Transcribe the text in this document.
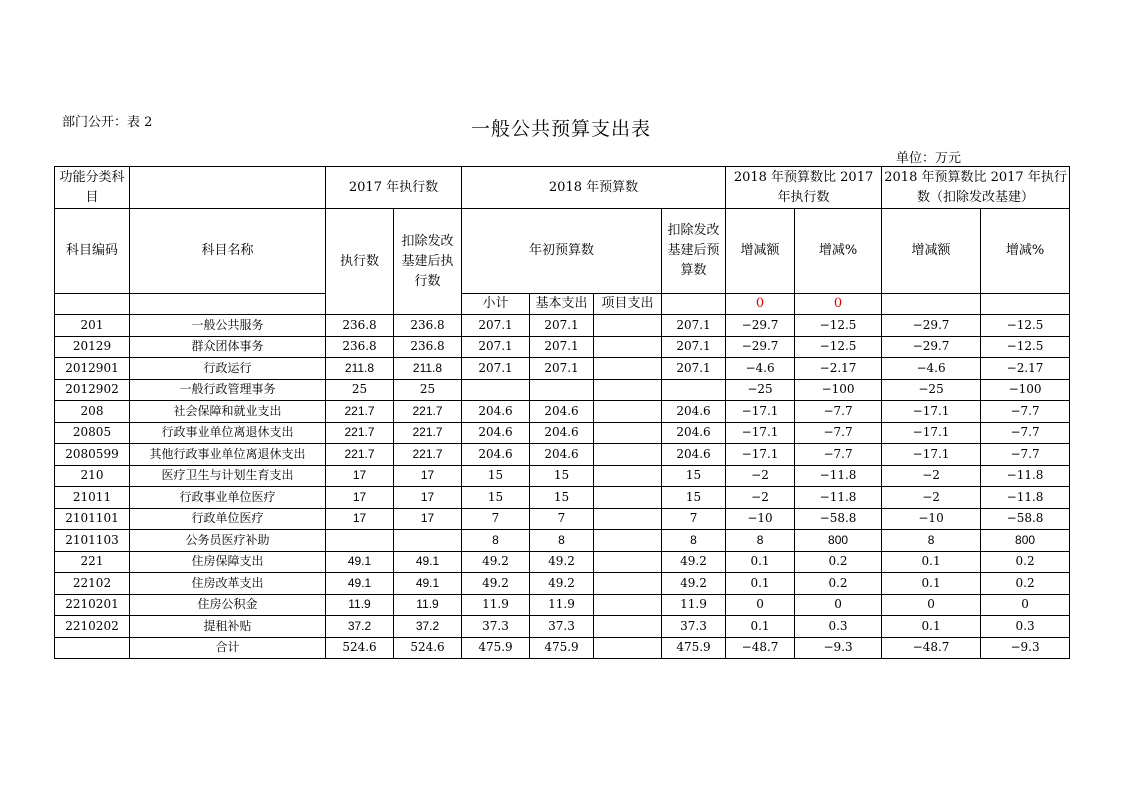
部门公开：表 2	一般公共预算支出表
单位：万元
功能分类科目		2017 年执行数		2018 年预算数				2018 年预算数比 2017 年执行数		2018 年预算数比 2017 年执行数（扣除发改基建）	
科目编码	科目名称	执行数	扣除发改基建后执行数	年初预算数			扣除发改基建后预算数	增减额	增减%	增减额	增减%
				小计	基本支出	项目支出		0	0		
201	一般公共服务	236.8	236.8	207.1	207.1		207.1	−29.7	−12.5	−29.7	−12.5
20129	群众团体事务	236.8	236.8	207.1	207.1		207.1	−29.7	−12.5	−29.7	−12.5
2012901	行政运行	211.8	211.8	207.1	207.1		207.1	−4.6	−2.17	−4.6	−2.17
2012902	一般行政管理事务	25	25					−25	−100	−25	−100
208	社会保障和就业支出	221.7	221.7	204.6	204.6		204.6	−17.1	−7.7	−17.1	−7.7
20805	行政事业单位离退休支出	221.7	221.7	204.6	204.6		204.6	−17.1	−7.7	−17.1	−7.7
2080599	其他行政事业单位离退休支出	221.7	221.7	204.6	204.6		204.6	−17.1	−7.7	−17.1	−7.7
210	医疗卫生与计划生育支出	17	17	15	15		15	−2	−11.8	−2	−11.8
21011	行政事业单位医疗	17	17	15	15		15	−2	−11.8	−2	−11.8
2101101	行政单位医疗	17	17	7	7		7	−10	−58.8	−10	−58.8
2101103	公务员医疗补助			8	8		8	8	800	8	800
221	住房保障支出	49.1	49.1	49.2	49.2		49.2	0.1	0.2	0.1	0.2
22102	住房改革支出	49.1	49.1	49.2	49.2		49.2	0.1	0.2	0.1	0.2
2210201	住房公积金	11.9	11.9	11.9	11.9		11.9	0	0	0	0
2210202	提租补贴	37.2	37.2	37.3	37.3		37.3	0.1	0.3	0.1	0.3
	合计	524.6	524.6	475.9	475.9		475.9	−48.7	−9.3	−48.7	−9.3
